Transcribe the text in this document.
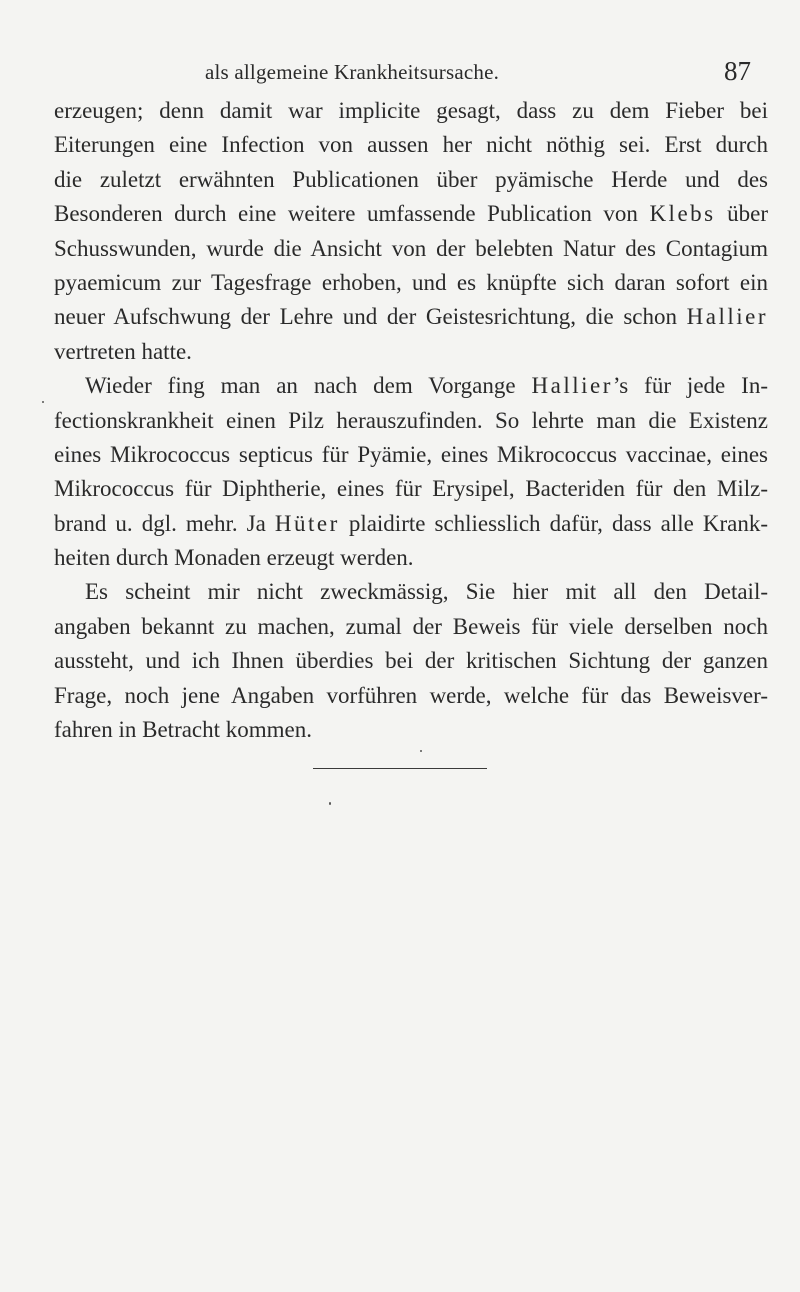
als allgemeine Krankheitsursache.	87
erzeugen; denn damit war implicite gesagt, dass zu dem Fieber bei
Eiterungen eine Infection von aussen her nicht nöthig sei. Erst durch
die zuletzt erwähnten Publicationen über pyämische Herde und des
Besonderen durch eine weitere umfassende Publication von Klebs über
Schusswunden, wurde die Ansicht von der belebten Natur des Contagium
pyaemicum zur Tagesfrage erhoben, und es knüpfte sich daran sofort ein
neuer Aufschwung der Lehre und der Geistesrichtung, die schon Hallier
vertreten hatte.
Wieder fing man an nach dem Vorgange Hallier’s für jede In-
fectionskrankheit einen Pilz herauszufinden. So lehrte man die Existenz
eines Mikrococcus septicus für Pyämie, eines Mikrococcus vaccinae, eines
Mikrococcus für Diphtherie, eines für Erysipel, Bacteriden für den Milz-
brand u. dgl. mehr. Ja Hüter plaidirte schliesslich dafür, dass alle Krank-
heiten durch Monaden erzeugt werden.
Es scheint mir nicht zweckmässig, Sie hier mit all den Detail-
angaben bekannt zu machen, zumal der Beweis für viele derselben noch
aussteht, und ich Ihnen überdies bei der kritischen Sichtung der ganzen
Frage, noch jene Angaben vorführen werde, welche für das Beweisver-
fahren in Betracht kommen.
